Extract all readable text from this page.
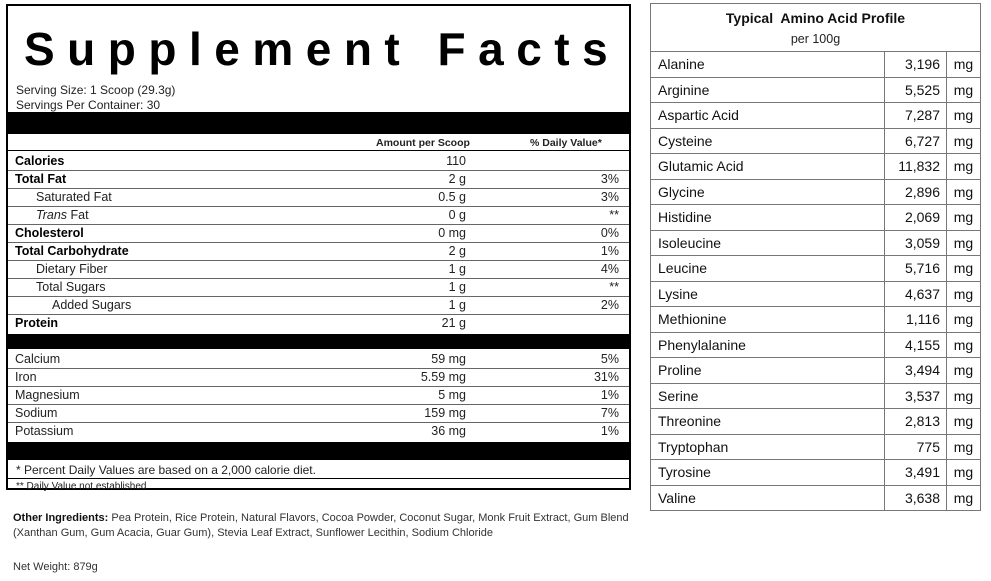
Supplement Facts
Serving Size: 1 Scoop (29.3g)
Servings Per Container: 30
Amount per Scoop	% Daily Value*
Calories	110
Total Fat	2 g	3%
Saturated Fat	0.5 g	3%
Trans Fat	0 g	**
Cholesterol	0 mg	0%
Total Carbohydrate	2 g	1%
Dietary Fiber	1 g	4%
Total Sugars	1 g	**
Added Sugars	1 g	2%
Protein	21 g
Calcium	59 mg	5%
Iron	5.59 mg	31%
Magnesium	5 mg	1%
Sodium	159 mg	7%
Potassium	36 mg	1%
* Percent Daily Values are based on a 2,000 calorie diet.
** Daily Value not established
Other Ingredients: Pea Protein, Rice Protein, Natural Flavors, Cocoa Powder, Coconut Sugar, Monk Fruit Extract, Gum Blend (Xanthan Gum, Gum Acacia, Guar Gum), Stevia Leaf Extract, Sunflower Lecithin, Sodium Chloride
Net Weight: 879g
Typical  Amino Acid Profile
per 100g
Alanine	3,196 mg
Arginine	5,525 mg
Aspartic Acid	7,287 mg
Cysteine	6,727 mg
Glutamic Acid	11,832 mg
Glycine	2,896 mg
Histidine	2,069 mg
Isoleucine	3,059 mg
Leucine	5,716 mg
Lysine	4,637 mg
Methionine	1,116 mg
Phenylalanine	4,155 mg
Proline	3,494 mg
Serine	3,537 mg
Threonine	2,813 mg
Tryptophan	775 mg
Tyrosine	3,491 mg
Valine	3,638 mg
